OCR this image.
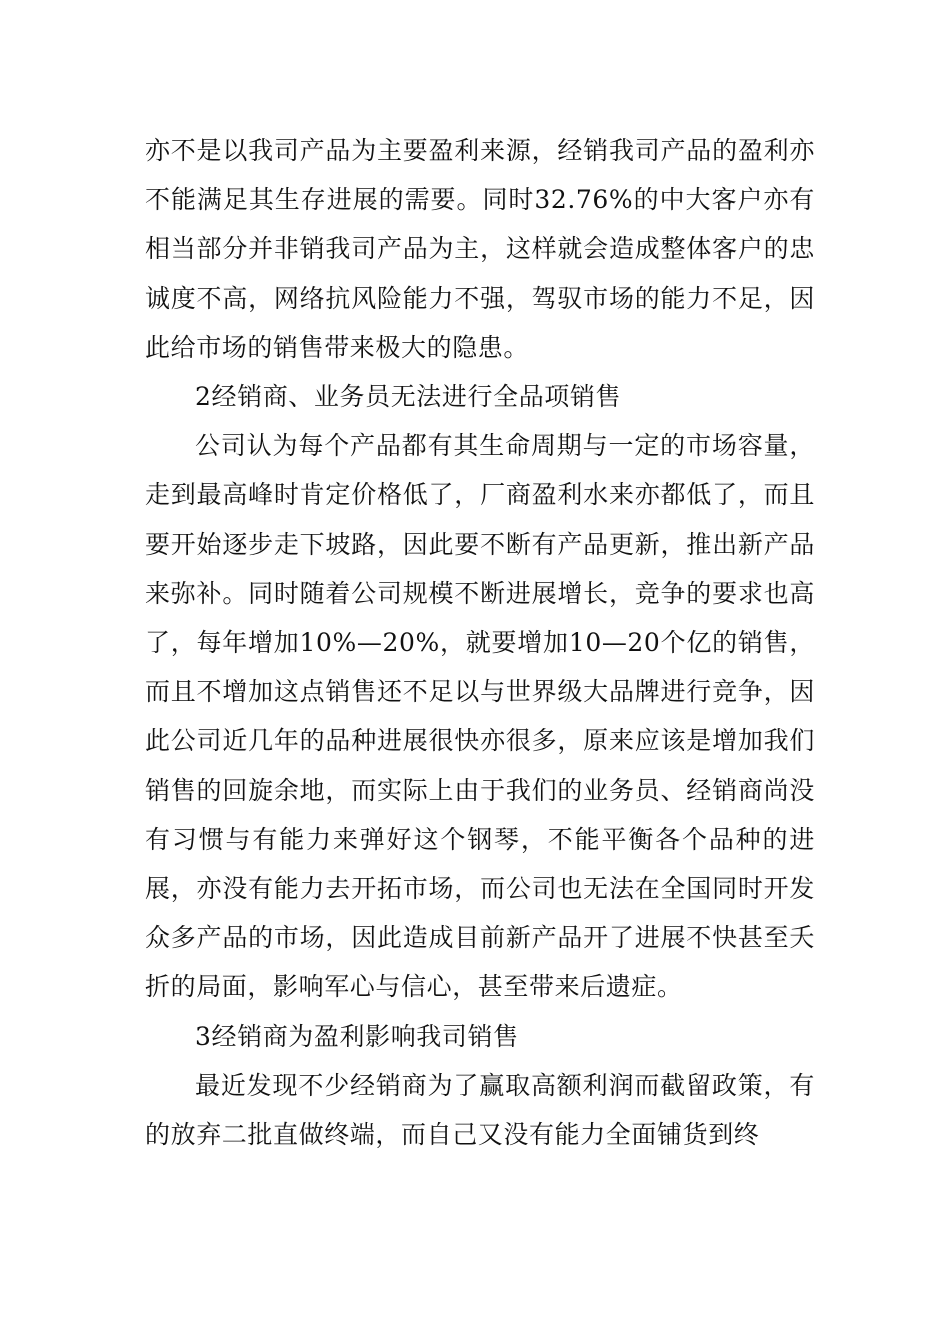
亦不是以我司产品为主要盈利来源，经销我司产品的盈利亦不能满足其生存进展的需要。同时32.76%的中大客户亦有相当部分并非销我司产品为主，这样就会造成整体客户的忠诚度不高，网络抗风险能力不强，驾驭市场的能力不足，因此给市场的销售带来极大的隐患。

2经销商、业务员无法进行全品项销售

公司认为每个产品都有其生命周期与一定的市场容量，走到最高峰时肯定价格低了，厂商盈利水来亦都低了，而且要开始逐步走下坡路，因此要不断有产品更新，推出新产品来弥补。同时随着公司规模不断进展增长，竞争的要求也高了，每年增加10%—20%，就要增加10—20个亿的销售，而且不增加这点销售还不足以与世界级大品牌进行竞争，因此公司近几年的品种进展很快亦很多，原来应该是增加我们销售的回旋余地，而实际上由于我们的业务员、经销商尚没有习惯与有能力来弹好这个钢琴，不能平衡各个品种的进展，亦没有能力去开拓市场，而公司也无法在全国同时开发众多产品的市场，因此造成目前新产品开了进展不快甚至夭折的局面，影响军心与信心，甚至带来后遗症。

3经销商为盈利影响我司销售

最近发现不少经销商为了赢取高额利润而截留政策，有的放弃二批直做终端，而自己又没有能力全面铺货到终
